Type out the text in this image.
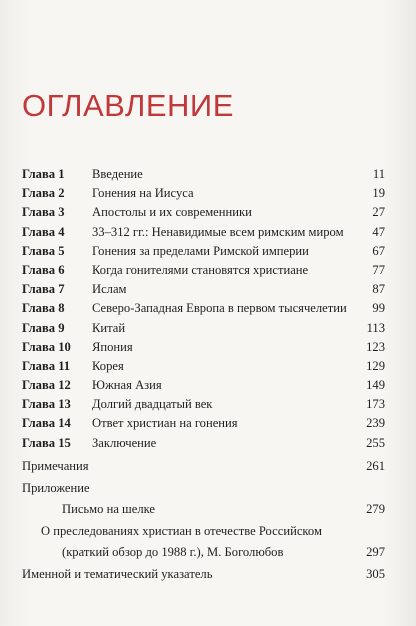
ОГЛАВЛЕНИЕ
Глава 1	Введение	11
Глава 2	Гонения на Иисуса	19
Глава 3	Апостолы и их современники	27
Глава 4	33–312 гг.: Ненавидимые всем римским миром	47
Глава 5	Гонения за пределами Римской империи	67
Глава 6	Когда гонителями становятся христиане	77
Глава 7	Ислам	87
Глава 8	Северо-Западная Европа в первом тысячелетии	99
Глава 9	Китай	113
Глава 10	Япония	123
Глава 11	Корея	129
Глава 12	Южная Азия	149
Глава 13	Долгий двадцатый век	173
Глава 14	Ответ христиан на гонения	239
Глава 15	Заключение	255
Примечания	261
Приложение
Письмо на шелке	279
О преследованиях христиан в отечестве Российском
(краткий обзор до 1988 г.), М. Боголюбов	297
Именной и тематический указатель	305
